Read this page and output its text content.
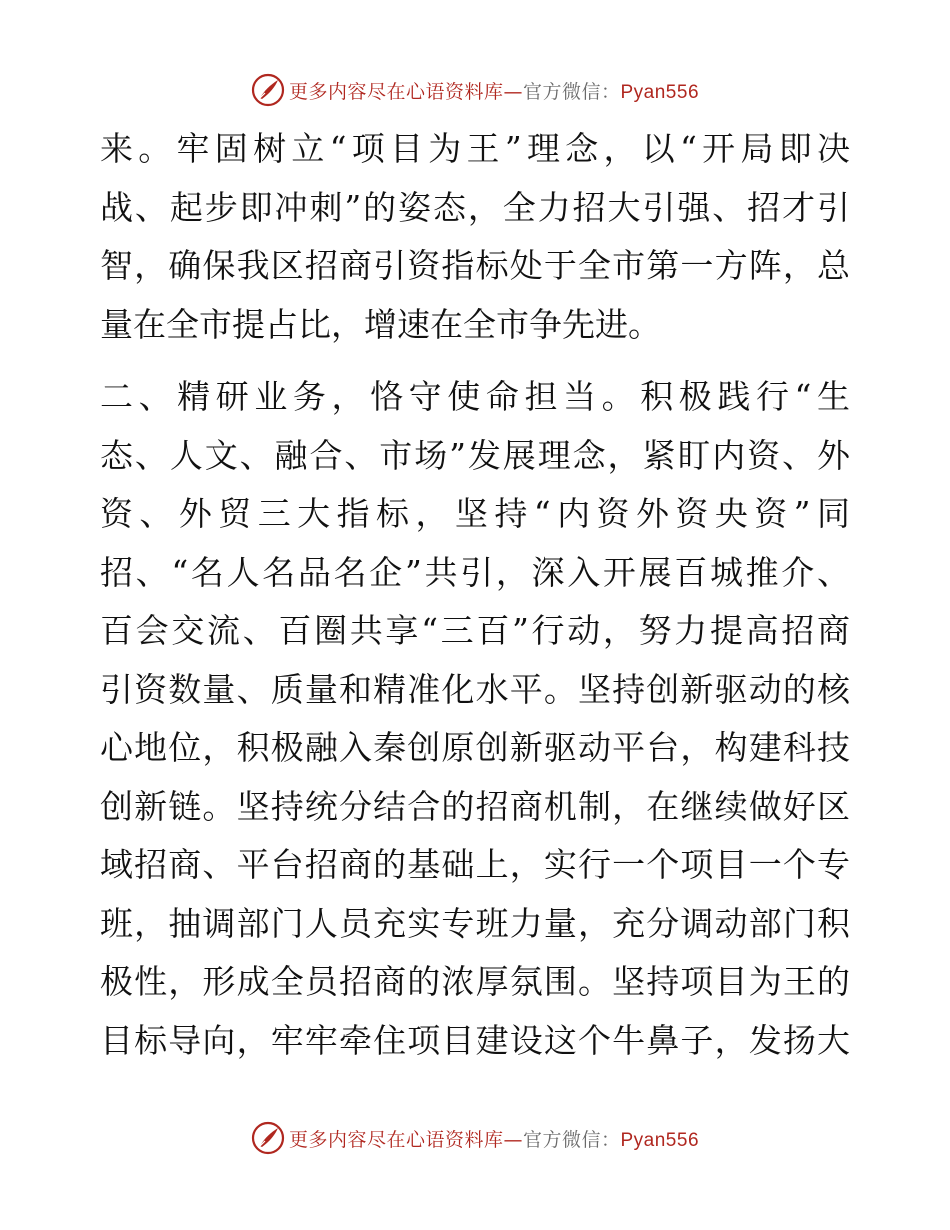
更多内容尽在心语资料库—官方微信：Pyan556
来。牢固树立“项目为王”理念，以“开局即决
战、起步即冲刺”的姿态，全力招大引强、招才引
智，确保我区招商引资指标处于全市第一方阵，总
量在全市提占比，增速在全市争先进。
二、精研业务，恪守使命担当。积极践行“生
态、人文、融合、市场”发展理念，紧盯内资、外
资、外贸三大指标，坚持“内资外资央资”同
招、“名人名品名企”共引，深入开展百城推介、
百会交流、百圈共享“三百”行动，努力提高招商
引资数量、质量和精准化水平。坚持创新驱动的核
心地位，积极融入秦创原创新驱动平台，构建科技
创新链。坚持统分结合的招商机制，在继续做好区
域招商、平台招商的基础上，实行一个项目一个专
班，抽调部门人员充实专班力量，充分调动部门积
极性，形成全员招商的浓厚氛围。坚持项目为王的
目标导向，牢牢牵住项目建设这个牛鼻子，发扬大
更多内容尽在心语资料库—官方微信：Pyan556
